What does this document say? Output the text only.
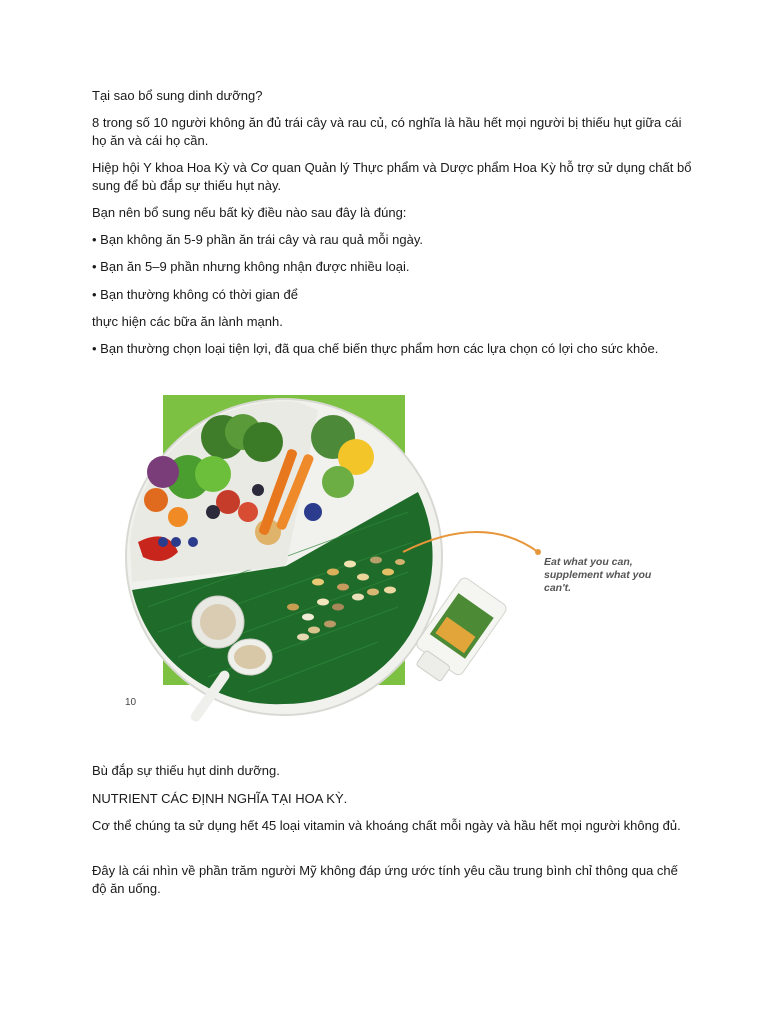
Tại sao bổ sung dinh dưỡng?

8 trong số 10 người không ăn đủ trái cây và rau củ, có nghĩa là hầu hết mọi người bị thiếu hụt giữa cái họ ăn và cái họ cần.

Hiệp hội Y khoa Hoa Kỳ và Cơ quan Quản lý Thực phẩm và Dược phẩm Hoa Kỳ hỗ trợ sử dụng chất bổ sung để bù đắp sự thiếu hụt này.

Bạn nên bổ sung nếu bất kỳ điều nào sau đây là đúng:

• Bạn không ăn 5-9 phần ăn trái cây và rau quả mỗi ngày.

• Bạn ăn 5–9 phần nhưng không nhận được nhiều loại.

• Bạn thường không có thời gian để

thực hiện các bữa ăn lành mạnh.

• Bạn thường chọn loại tiện lợi, đã qua chế biến thực phẩm hơn các lựa chọn có lợi cho sức khỏe.

Eat what you can, supplement what you can't.
10

Bù đắp sự thiếu hụt dinh dưỡng.

NUTRIENT CÁC ĐỊNH NGHĨA TẠI HOA KỲ.

Cơ thể chúng ta sử dụng hết 45 loại vitamin và khoáng chất mỗi ngày và hầu hết mọi người không đủ.

Đây là cái nhìn về phần trăm người Mỹ không đáp ứng ước tính yêu cầu trung bình chỉ thông qua chế độ ăn uống.
